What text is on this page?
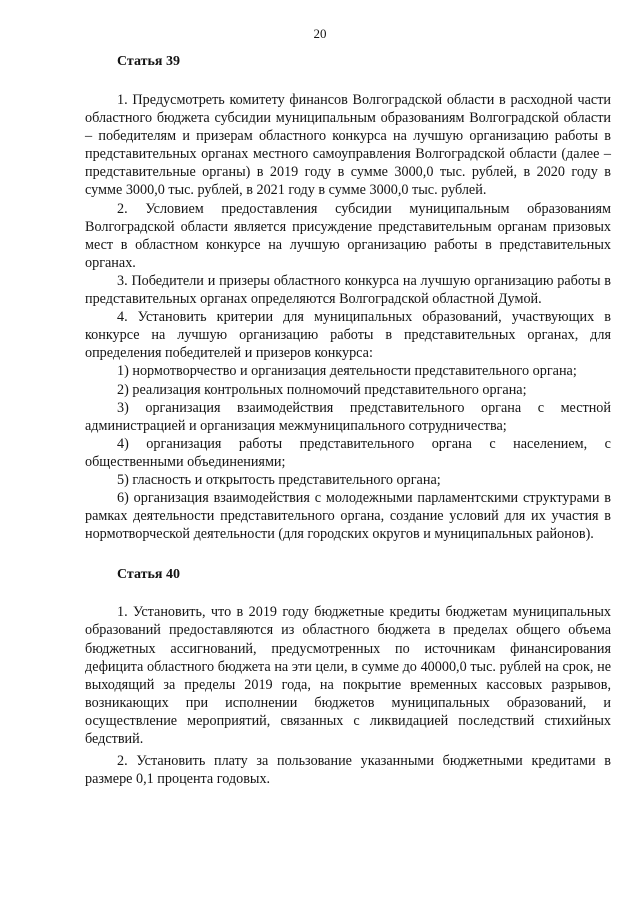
20
Статья 39

1. Предусмотреть комитету финансов Волгоградской области в расходной части областного бюджета субсидии муниципальным образованиям Волгоградской области – победителям и призерам областного конкурса на лучшую организацию работы в представительных органах местного самоуправления Волгоградской области (далее – представительные органы) в 2019 году в сумме 3000,0 тыс. рублей, в 2020 году в сумме 3000,0 тыс. рублей, в 2021 году в сумме 3000,0 тыс. рублей.

2. Условием предоставления субсидии муниципальным образованиям Волгоградской области является присуждение представительным органам призовых мест в областном конкурсе на лучшую организацию работы в представительных органах.

3. Победители и призеры областного конкурса на лучшую организацию работы в представительных органах определяются Волгоградской областной Думой.

4. Установить критерии для муниципальных образований, участвующих в конкурсе на лучшую организацию работы в представительных органах, для определения победителей и призеров конкурса:

1) нормотворчество и организация деятельности представительного органа;

2) реализация контрольных полномочий представительного органа;

3) организация взаимодействия представительного органа с местной администрацией и организация межмуниципального сотрудничества;

4) организация работы представительного органа с населением, с общественными объединениями;

5) гласность и открытость представительного органа;

6) организация взаимодействия с молодежными парламентскими структурами в рамках деятельности представительного органа, создание условий для их участия в нормотворческой деятельности (для городских округов и муниципальных районов).

Статья 40

1. Установить, что в 2019 году бюджетные кредиты бюджетам муниципальных образований предоставляются из областного бюджета в пределах общего объема бюджетных ассигнований, предусмотренных по источникам финансирования дефицита областного бюджета на эти цели, в сумме до 40000,0 тыс. рублей на срок, не выходящий за пределы 2019 года, на покрытие временных кассовых разрывов, возникающих при исполнении бюджетов муниципальных образований, и осуществление мероприятий, связанных с ликвидацией последствий стихийных бедствий.

2. Установить плату за пользование указанными бюджетными кредитами в размере 0,1 процента годовых.
